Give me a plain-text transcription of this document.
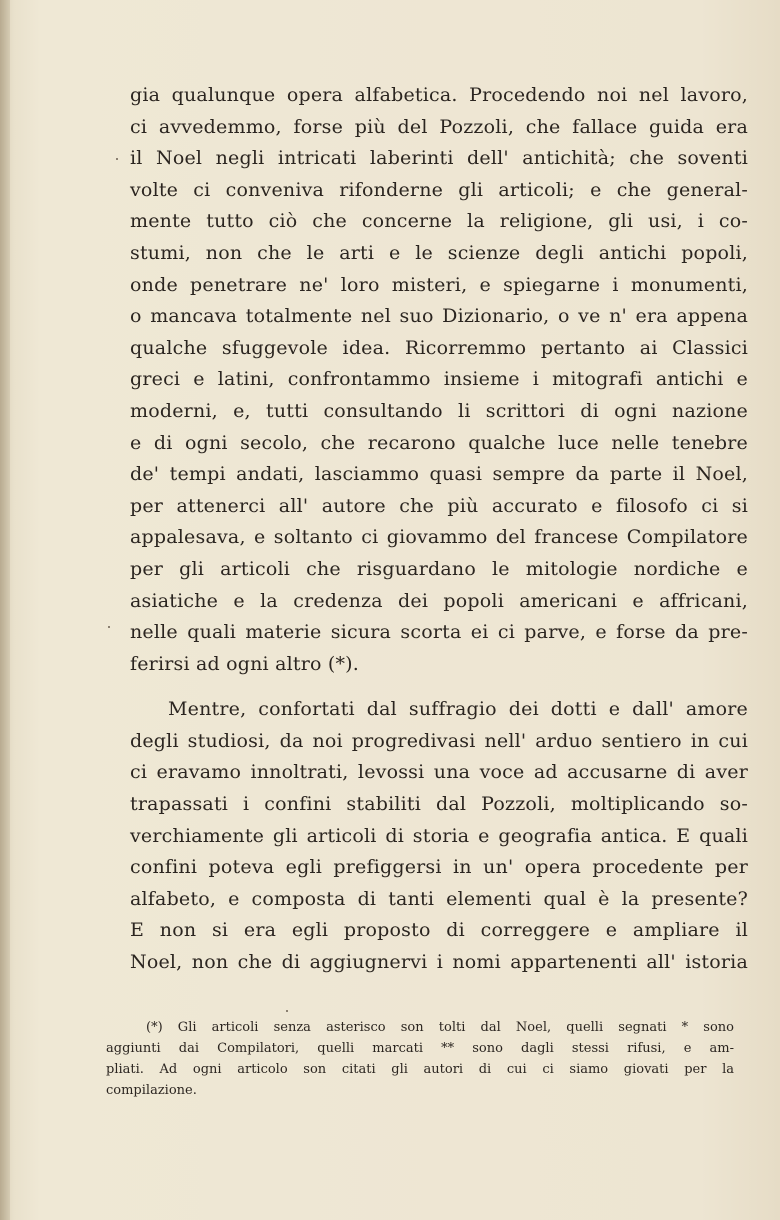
gia qualunque opera alfabetica. Procedendo noi nel lavoro,
ci avvedemmo, forse più del Pozzoli, che fallace guida era
il Noel negli intricati laberinti dell' antichità; che soventi
volte ci conveniva rifonderne gli articoli; e che general-
mente tutto ciò che concerne la religione, gli usi, i co-
stumi, non che le arti e le scienze degli antichi popoli,
onde penetrare ne' loro misteri, e spiegarne i monumenti,
o mancava totalmente nel suo Dizionario, o ve n' era appena
qualche sfuggevole idea. Ricorremmo pertanto ai Classici
greci e latini, confrontammo insieme i mitografi antichi e
moderni, e, tutti consultando li scrittori di ogni nazione
e di ogni secolo, che recarono qualche luce nelle tenebre
de' tempi andati, lasciammo quasi sempre da parte il Noel,
per attenerci all' autore che più accurato e filosofo ci si
appalesava, e soltanto ci giovammo del francese Compilatore
per gli articoli che risguardano le mitologie nordiche e
asiatiche e la credenza dei popoli americani e affricani,
nelle quali materie sicura scorta ei ci parve, e forse da pre-
ferirsi ad ogni altro (*).
Mentre, confortati dal suffragio dei dotti e dall' amore
degli studiosi, da noi progredivasi nell' arduo sentiero in cui
ci eravamo innoltrati, levossi una voce ad accusarne di aver
trapassati i confini stabiliti dal Pozzoli, moltiplicando so-
verchiamente gli articoli di storia e geografia antica. E quali
confini poteva egli prefiggersi in un' opera procedente per
alfabeto, e composta di tanti elementi qual è la presente?
E non si era egli proposto di correggere e ampliare il
Noel, non che di aggiugnervi i nomi appartenenti all' istoria
(*) Gli articoli senza asterisco son tolti dal Noel, quelli segnati * sono
aggiunti dai Compilatori, quelli marcati ** sono dagli stessi rifusi, e am-
pliati. Ad ogni articolo son citati gli autori di cui ci siamo giovati per la
compilazione.
